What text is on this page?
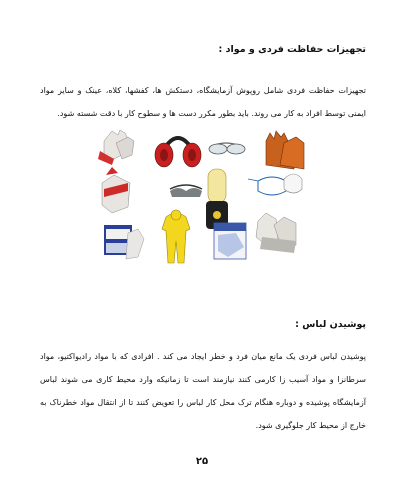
تجهیزات حفاظت فردی و مواد :
تجهیزات حفاظت فردی شامل روپوش آزمایشگاه، دستکش ها، کفشها، کلاه، عینک و سایر مواد ایمنی توسط افراد به کار می روند. باید بطور مکرر دست ها و سطوح کار با دقت شسته شود.
پوشیدن لباس :
پوشیدن لباس فردی یک مانع میان فرد و خطر ایجاد می کند . افرادی که با مواد رادیواکتیو، مواد سرطانزا و مواد آسیب زا کارمی کنند نیازمند است تا زمانیکه وارد محیط کاری می شوند لباس آزمایشگاه پوشیده و دوباره هنگام ترک محل کار لباس را تعویض کنند تا از انتقال مواد خطرناک به خارج از محیط کار جلوگیری شود.
۲۵
